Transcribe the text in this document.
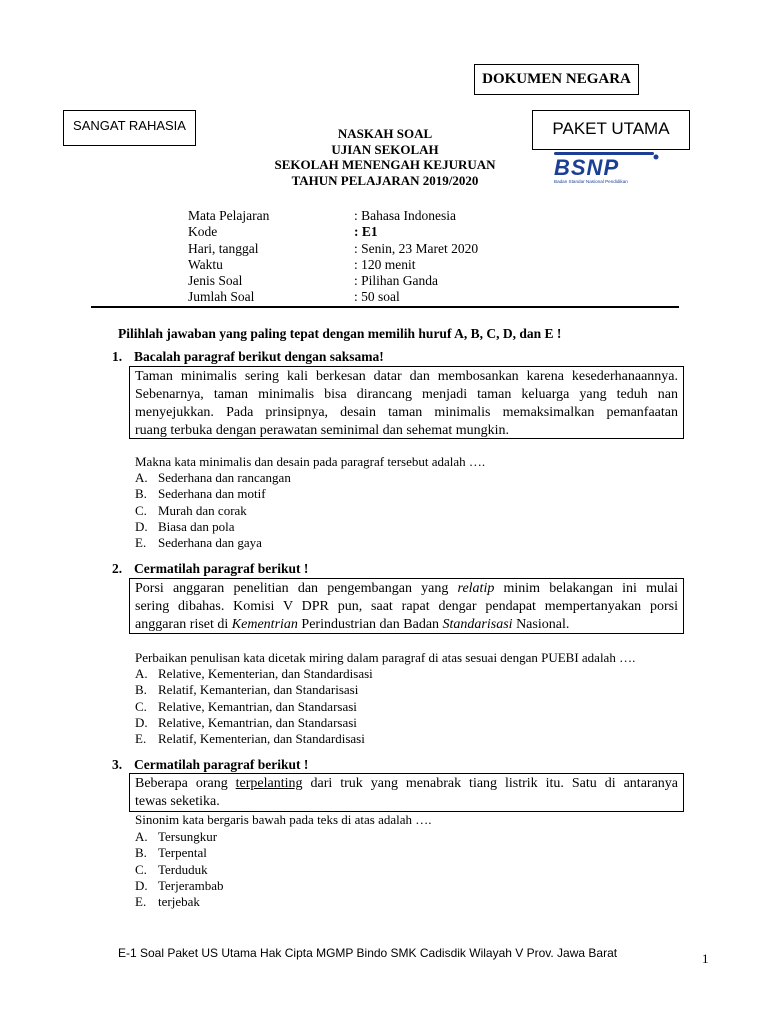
DOKUMEN NEGARA
SANGAT RAHASIA	PAKET UTAMA
NASKAH SOAL
UJIAN SEKOLAH
SEKOLAH MENENGAH KEJURUAN
TAHUN PELAJARAN 2019/2020	BSNP
Badan Standar Nasional Pendidikan
Mata Pelajaran	: Bahasa Indonesia
Kode	: E1
Hari, tanggal	: Senin, 23 Maret 2020
Waktu	: 120 menit
Jenis Soal	: Pilihan Ganda
Jumlah Soal	: 50 soal
Pilihlah jawaban yang paling tepat dengan memilih huruf A, B, C, D, dan E !
1. Bacalah paragraf berikut dengan saksama!
Taman minimalis sering kali berkesan datar dan membosankan karena kesederhanaannya.
Sebenarnya, taman minimalis bisa dirancang menjadi taman keluarga yang teduh nan
menyejukkan. Pada prinsipnya, desain taman minimalis memaksimalkan pemanfaatan
ruang terbuka dengan perawatan seminimal dan sehemat mungkin.
Makna kata minimalis dan desain pada paragraf tersebut adalah ….
A. Sederhana dan rancangan
B. Sederhana dan motif
C. Murah dan corak
D. Biasa dan pola
E. Sederhana dan gaya
2. Cermatilah paragraf berikut !
Porsi anggaran penelitian dan pengembangan yang relatip minim belakangan ini mulai
sering dibahas. Komisi V DPR pun, saat rapat dengar pendapat mempertanyakan porsi
anggaran riset di Kementrian Perindustrian dan Badan Standarisasi Nasional.
Perbaikan penulisan kata dicetak miring dalam paragraf di atas sesuai dengan PUEBI adalah ….
A. Relative, Kementerian, dan Standardisasi
B. Relatif, Kemanterian, dan Standarisasi
C. Relative, Kemantrian, dan Standarsasi
D. Relative, Kemantrian, dan Standarsasi
E. Relatif, Kementerian, dan Standardisasi
3. Cermatilah paragraf berikut !
Beberapa orang terpelanting dari truk yang menabrak tiang listrik itu. Satu di antaranya
tewas seketika.
Sinonim kata bergaris bawah pada teks di atas adalah ….
A. Tersungkur
B. Terpental
C. Terduduk
D. Terjerambab
E. terjebak
E-1 Soal Paket US Utama Hak Cipta MGMP Bindo SMK Cadisdik Wilayah V Prov. Jawa Barat	1
